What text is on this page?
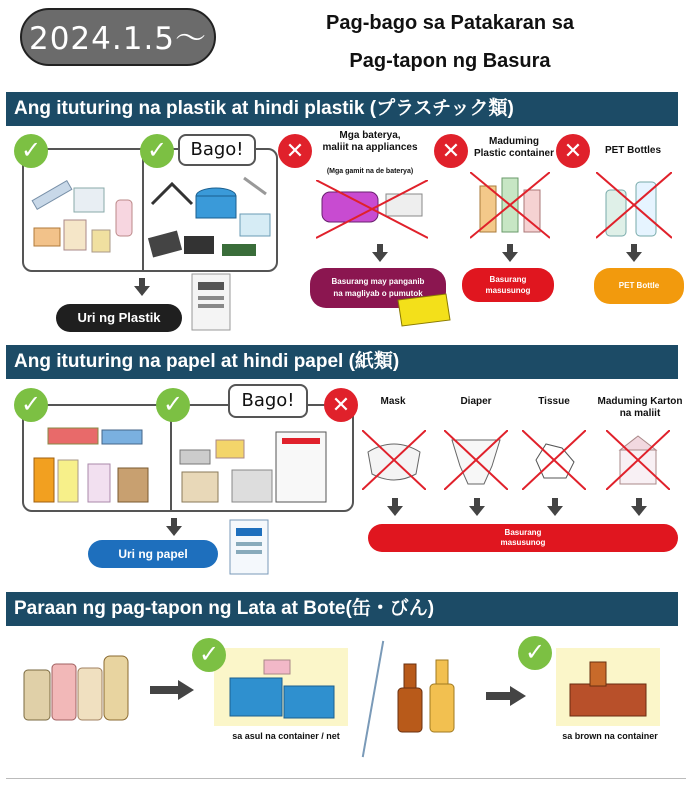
2024.1.5～	Pag-bago sa Patakaran sa
Pag-tapon ng Basura
Ang ituturing na plastik at hindi plastik (プラスチック類)
✓	✓	Bago!	✕
Mga baterya,
maliit na appliances
(Mga gamit na de baterya)
✕	Maduming
Plastic container ✕	PET Bottles
Uri ng Plastik
Basurang may panganib
na magliyab o pumutok
Basurang
masusunog
PET Bottle
Ang ituturing na papel at hindi papel (紙類)
✓	✓	Bago!	✕	Mask	Diaper	Tissue	Maduming Karton
na maliit
Uri ng papel
Basurang
masusunog
Paraan ng pag-tapon ng Lata at Bote(缶・びん)
✓
sa asul na container / net
✓
sa brown na container
